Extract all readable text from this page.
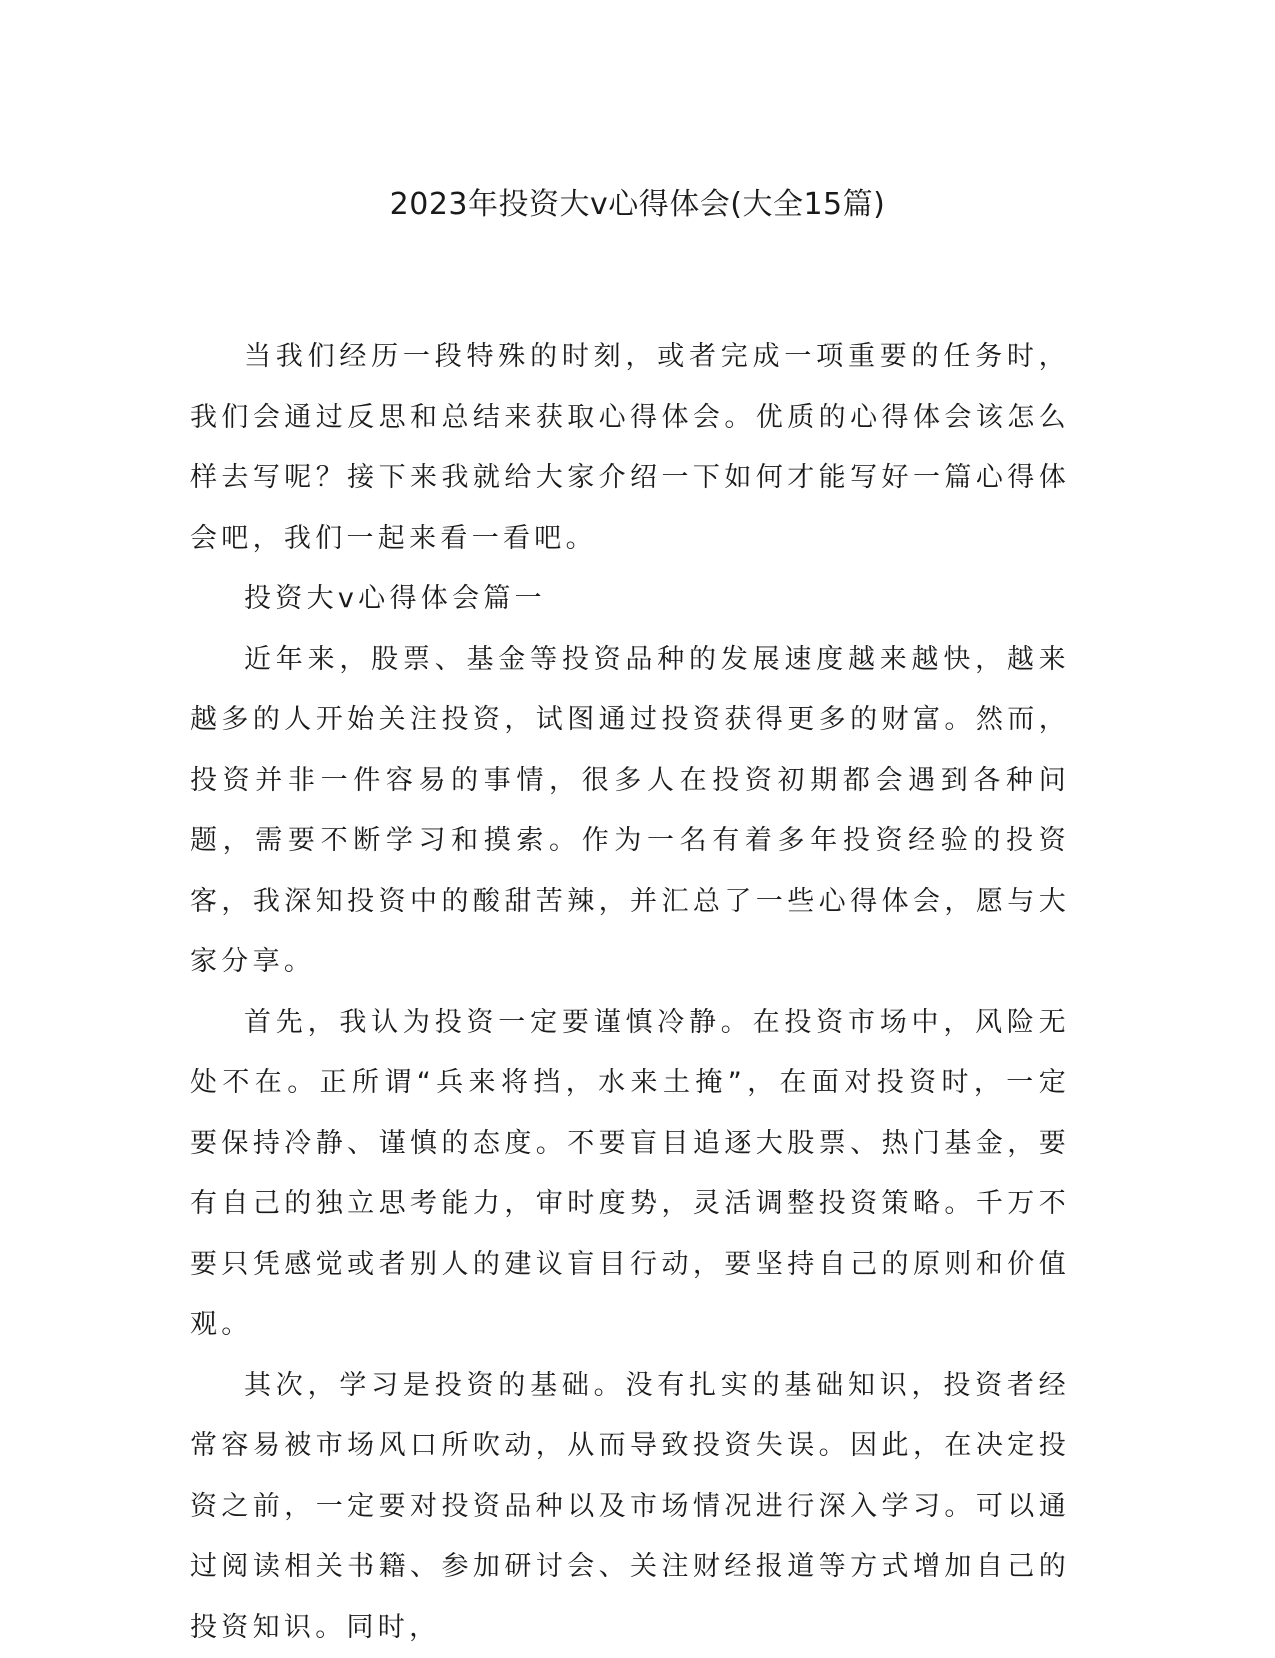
2023年投资大v心得体会(大全15篇)

当我们经历一段特殊的时刻，或者完成一项重要的任务时，我们会通过反思和总结来获取心得体会。优质的心得体会该怎么样去写呢？接下来我就给大家介绍一下如何才能写好一篇心得体会吧，我们一起来看一看吧。

投资大v心得体会篇一

近年来，股票、基金等投资品种的发展速度越来越快，越来越多的人开始关注投资，试图通过投资获得更多的财富。然而，投资并非一件容易的事情，很多人在投资初期都会遇到各种问题，需要不断学习和摸索。作为一名有着多年投资经验的投资客，我深知投资中的酸甜苦辣，并汇总了一些心得体会，愿与大家分享。

首先，我认为投资一定要谨慎冷静。在投资市场中，风险无处不在。正所谓“兵来将挡，水来土掩”，在面对投资时，一定要保持冷静、谨慎的态度。不要盲目追逐大股票、热门基金，要有自己的独立思考能力，审时度势，灵活调整投资策略。千万不要只凭感觉或者别人的建议盲目行动，要坚持自己的原则和价值观。

其次，学习是投资的基础。没有扎实的基础知识，投资者经常容易被市场风口所吹动，从而导致投资失误。因此，在决定投资之前，一定要对投资品种以及市场情况进行深入学习。可以通过阅读相关书籍、参加研讨会、关注财经报道等方式增加自己的投资知识。同时，
